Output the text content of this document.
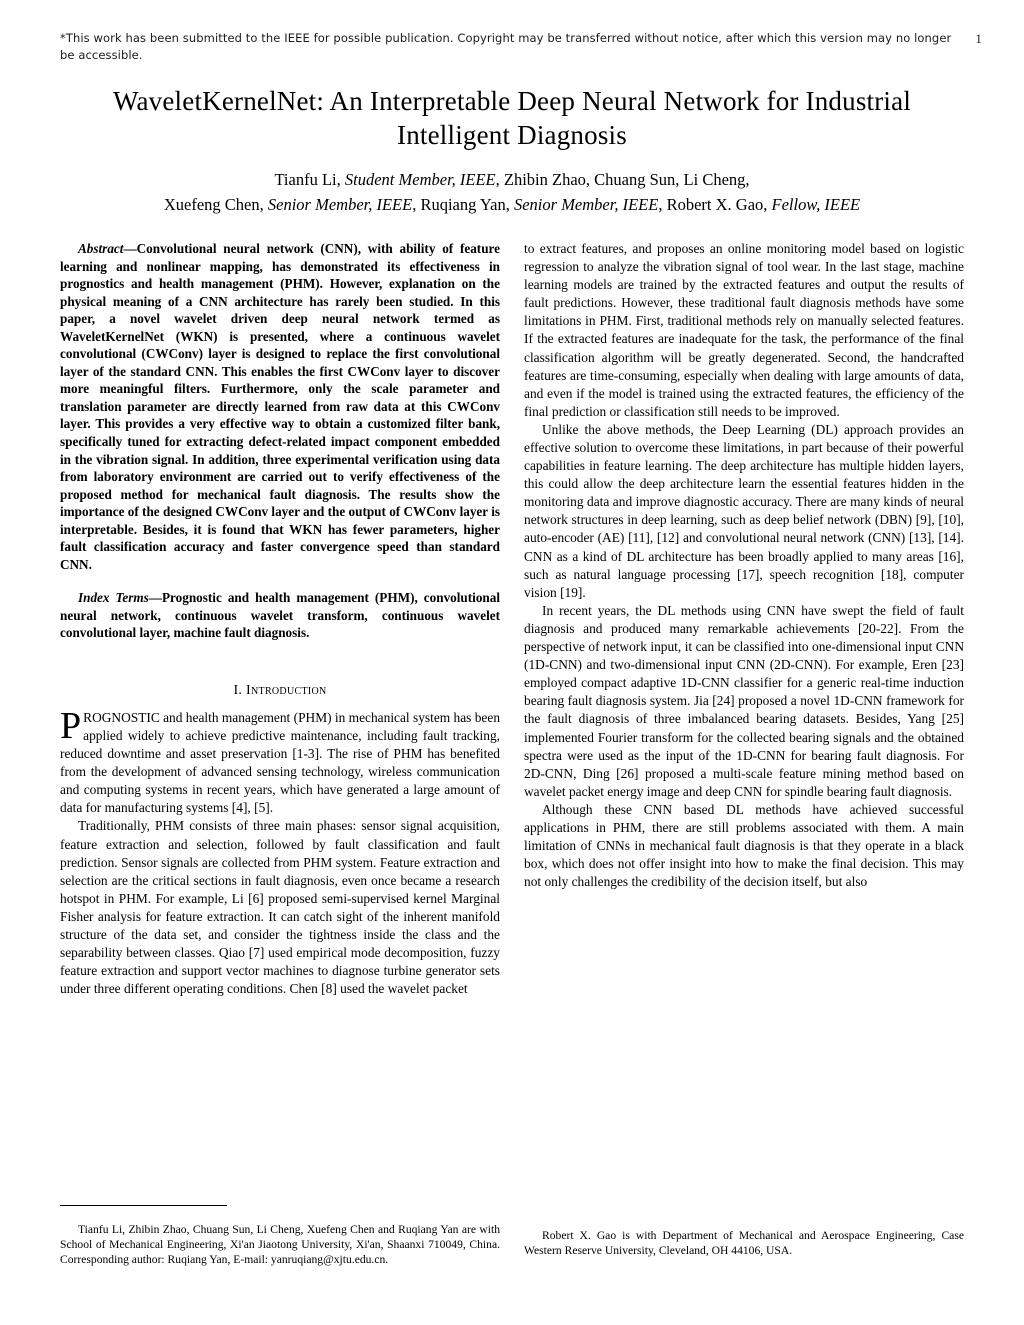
*This work has been submitted to the IEEE for possible publication. Copyright may be transferred without notice, after which this version may no longer be accessible.
1
WaveletKernelNet: An Interpretable Deep Neural Network for Industrial Intelligent Diagnosis
Tianfu Li, Student Member, IEEE, Zhibin Zhao, Chuang Sun, Li Cheng,
Xuefeng Chen, Senior Member, IEEE, Ruqiang Yan, Senior Member, IEEE, Robert X. Gao, Fellow, IEEE
Abstract—Convolutional neural network (CNN), with ability of feature learning and nonlinear mapping, has demonstrated its effectiveness in prognostics and health management (PHM). However, explanation on the physical meaning of a CNN architecture has rarely been studied. In this paper, a novel wavelet driven deep neural network termed as WaveletKernelNet (WKN) is presented, where a continuous wavelet convolutional (CWConv) layer is designed to replace the first convolutional layer of the standard CNN. This enables the first CWConv layer to discover more meaningful filters. Furthermore, only the scale parameter and translation parameter are directly learned from raw data at this CWConv layer. This provides a very effective way to obtain a customized filter bank, specifically tuned for extracting defect-related impact component embedded in the vibration signal. In addition, three experimental verification using data from laboratory environment are carried out to verify effectiveness of the proposed method for mechanical fault diagnosis. The results show the importance of the designed CWConv layer and the output of CWConv layer is interpretable. Besides, it is found that WKN has fewer parameters, higher fault classification accuracy and faster convergence speed than standard CNN.
Index Terms—Prognostic and health management (PHM), convolutional neural network, continuous wavelet transform, continuous wavelet convolutional layer, machine fault diagnosis.
I. Introduction
PROGNOSTIC and health management (PHM) in mechanical system has been applied widely to achieve predictive maintenance, including fault tracking, reduced downtime and asset preservation [1-3]. The rise of PHM has benefited from the development of advanced sensing technology, wireless communication and computing systems in recent years, which have generated a large amount of data for manufacturing systems [4], [5].

Traditionally, PHM consists of three main phases: sensor signal acquisition, feature extraction and selection, followed by fault classification and fault prediction. Sensor signals are collected from PHM system. Feature extraction and selection are the critical sections in fault diagnosis, even once became a research hotspot in PHM. For example, Li [6] proposed semi-supervised kernel Marginal Fisher analysis for feature extraction. It can catch sight of the inherent manifold structure of the data set, and consider the tightness inside the class and the separability between classes. Qiao [7] used empirical mode decomposition, fuzzy feature extraction and support vector machines to diagnose turbine generator sets under three different operating conditions. Chen [8] used the wavelet packet

to extract features, and proposes an online monitoring model based on logistic regression to analyze the vibration signal of tool wear. In the last stage, machine learning models are trained by the extracted features and output the results of fault predictions. However, these traditional fault diagnosis methods have some limitations in PHM. First, traditional methods rely on manually selected features. If the extracted features are inadequate for the task, the performance of the final classification algorithm will be greatly degenerated. Second, the handcrafted features are time-consuming, especially when dealing with large amounts of data, and even if the model is trained using the extracted features, the efficiency of the final prediction or classification still needs to be improved.

Unlike the above methods, the Deep Learning (DL) approach provides an effective solution to overcome these limitations, in part because of their powerful capabilities in feature learning. The deep architecture has multiple hidden layers, this could allow the deep architecture learn the essential features hidden in the monitoring data and improve diagnostic accuracy. There are many kinds of neural network structures in deep learning, such as deep belief network (DBN) [9], [10], auto-encoder (AE) [11], [12] and convolutional neural network (CNN) [13], [14]. CNN as a kind of DL architecture has been broadly applied to many areas [16], such as natural language processing [17], speech recognition [18], computer vision [19].

In recent years, the DL methods using CNN have swept the field of fault diagnosis and produced many remarkable achievements [20-22]. From the perspective of network input, it can be classified into one-dimensional input CNN (1D-CNN) and two-dimensional input CNN (2D-CNN). For example, Eren [23] employed compact adaptive 1D-CNN classifier for a generic real-time induction bearing fault diagnosis system. Jia [24] proposed a novel 1D-CNN framework for the fault diagnosis of three imbalanced bearing datasets. Besides, Yang [25] implemented Fourier transform for the collected bearing signals and the obtained spectra were used as the input of the 1D-CNN for bearing fault diagnosis. For 2D-CNN, Ding [26] proposed a multi-scale feature mining method based on wavelet packet energy image and deep CNN for spindle bearing fault diagnosis.

Although these CNN based DL methods have achieved successful applications in PHM, there are still problems associated with them. A main limitation of CNNs in mechanical fault diagnosis is that they operate in a black box, which does not offer insight into how to make the final decision. This may not only challenges the credibility of the decision itself, but also

Tianfu Li, Zhibin Zhao, Chuang Sun, Li Cheng, Xuefeng Chen and Ruqiang Yan are with School of Mechanical Engineering, Xi'an Jiaotong University, Xi'an, Shaanxi 710049, China. Corresponding author: Ruqiang Yan, E-mail: yanruqiang@xjtu.edu.cn.
Robert X. Gao is with Department of Mechanical and Aerospace Engineering, Case Western Reserve University, Cleveland, OH 44106, USA.
